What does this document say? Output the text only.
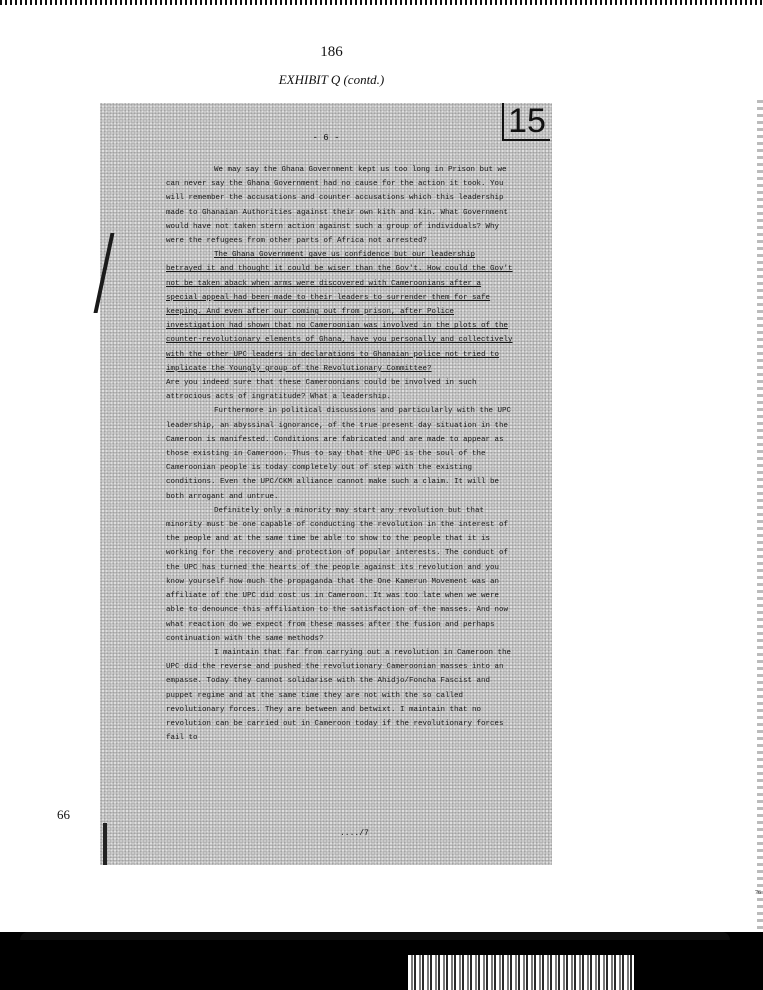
186
EXHIBIT Q (contd.)
66
76
15
- 6 -

We may say the Ghana Government kept us too long in Prison but we can never say the Ghana Government had no cause for the action it took. You will remember the accusations and counter accusations which this leadership made to Ghanaian Authorities against their own kith and kin. What Government would have not taken stern action against such a group of individuals? Why were the refugees from other parts of Africa not arrested?

The Ghana Government gave us confidence but our leadership betrayed it and thought it could be wiser than the Gov't. How could the Gov't not be taken aback when arms were discovered with Cameroonians after a special appeal had been made to their leaders to surrender them for safe keeping. And even after our coming out from prison, after Police investigation had shown that no Cameroonian was involved in the plots of the counter-revolutionary elements of Ghana, have you personally and collectively with the other UPC leaders in declarations to Ghanaian police not tried to implicate the Youngly group of the Revolutionary Committee?

Are you indeed sure that these Cameroonians could be involved in such attrocious acts of ingratitude? What a leadership.

Furthermore in political discussions and particularly with the UPC leadership, an abyssinal ignorance, of the true present day situation in the Cameroon is manifested. Conditions are fabricated and are made to appear as those existing in Cameroon. Thus to say that the UPC is the soul of the Cameroonian people is today completely out of step with the existing conditions. Even the UPC/CKM alliance cannot make such a claim. It will be both arrogant and untrue.

Definitely only a minority may start any revolution but that minority must be one capable of conducting the revolution in the interest of the people and at the same time be able to show to the people that it is working for the recovery and protection of popular interests. The conduct of the UPC has turned the hearts of the people against its revolution and you know yourself how much the propaganda that the One Kamerun Movement was an affiliate of the UPC did cost us in Cameroon. It was too late when we were able to denounce this affiliation to the satisfaction of the masses. And now what reaction do we expect from these masses after the fusion and perhaps continuation with the same methods?

I maintain that far from carrying out a revolution in Cameroon the UPC did the reverse and pushed the revolutionary Cameroonian masses into an empasse. Today they cannot solidarise with the Ahidjo/Foncha Fascist and puppet regime and at the same time they are not with the so called revolutionary forces. They are between and betwixt. I maintain that no revolution can be carried out in Cameroon today if the revolutionary forces fail to

..../7
